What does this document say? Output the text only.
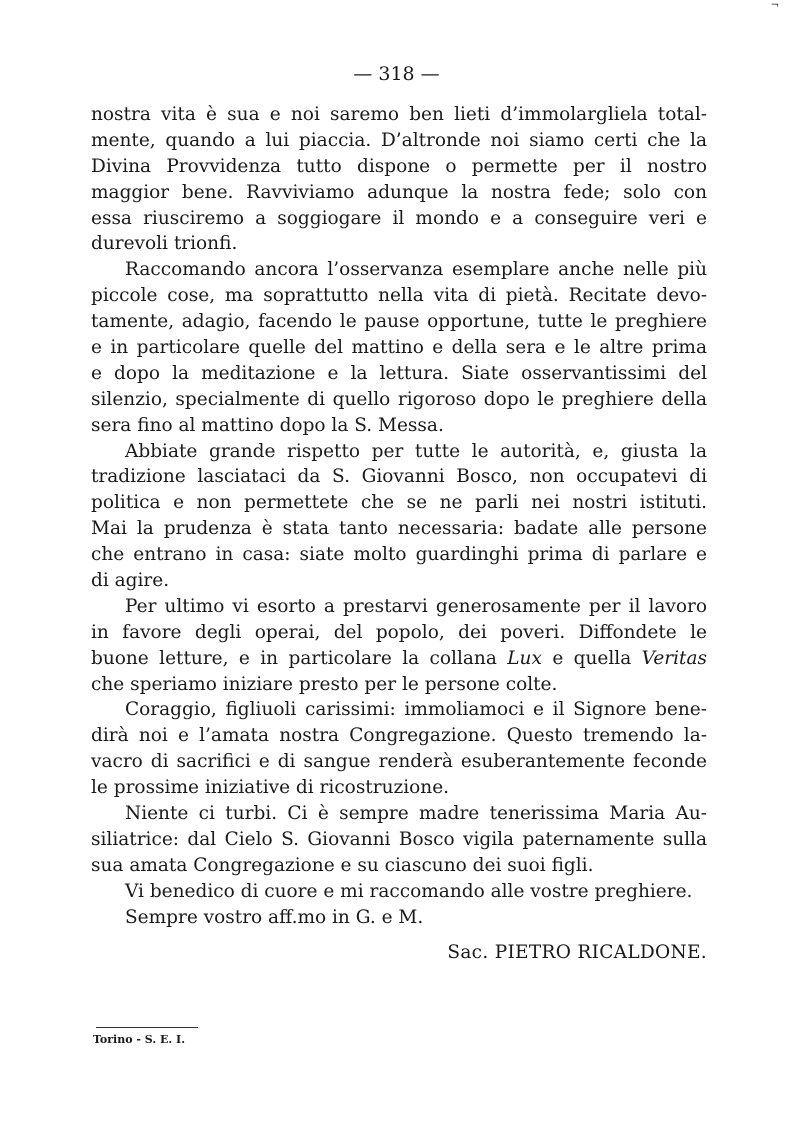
¬
— 318 —
nostra vita è sua e noi saremo ben lieti d’immolargliela total-
mente, quando a lui piaccia. D’altronde noi siamo certi che la
Divina Provvidenza tutto dispone o permette per il nostro
maggior bene. Ravviviamo adunque la nostra fede; solo con
essa riusciremo a soggiogare il mondo e a conseguire veri e
durevoli trionfi.
Raccomando ancora l’osservanza esemplare anche nelle più
piccole cose, ma soprattutto nella vita di pietà. Recitate devo-
tamente, adagio, facendo le pause opportune, tutte le preghiere
e in particolare quelle del mattino e della sera e le altre prima
e dopo la meditazione e la lettura. Siate osservantissimi del
silenzio, specialmente di quello rigoroso dopo le preghiere della
sera fino al mattino dopo la S. Messa.
Abbiate grande rispetto per tutte le autorità, e, giusta la
tradizione lasciataci da S. Giovanni Bosco, non occupatevi di
politica e non permettete che se ne parli nei nostri istituti.
Mai la prudenza è stata tanto necessaria: badate alle persone
che entrano in casa: siate molto guardinghi prima di parlare e
di agire.
Per ultimo vi esorto a prestarvi generosamente per il lavoro
in favore degli operai, del popolo, dei poveri. Diffondete le
buone letture, e in particolare la collana Lux e quella Veritas
che speriamo iniziare presto per le persone colte.
Coraggio, figliuoli carissimi: immoliamoci e il Signore bene-
dirà noi e l’amata nostra Congregazione. Questo tremendo la-
vacro di sacrifici e di sangue renderà esuberantemente feconde
le prossime iniziative di ricostruzione.
Niente ci turbi. Ci è sempre madre tenerissima Maria Au-
siliatrice: dal Cielo S. Giovanni Bosco vigila paternamente sulla
sua amata Congregazione e su ciascuno dei suoi figli.
Vi benedico di cuore e mi raccomando alle vostre preghiere.
Sempre vostro aff.mo in G. e M.
Sac. PIETRO RICALDONE.
Torino - S. E. I.
